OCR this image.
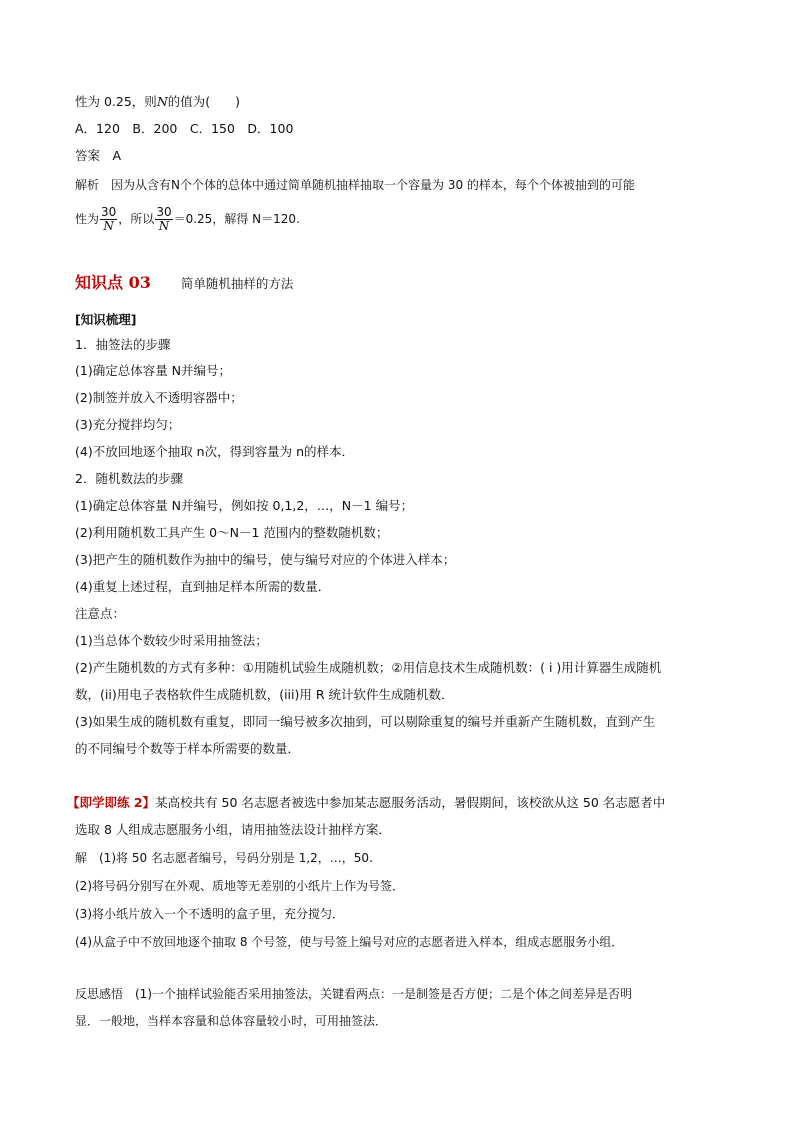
性为 0.25，则N的值为(　　)
A．120　B．200　C．150　D．100
答案　 A
解析　 因为从含有N个个体的总体中通过简单随机抽样抽取一个容量为 30 的样本，每个个体被抽到的可能
性为 $\frac{30}{N}$ ，所以 $\frac{30}{N} =0.25$，解得 N＝120.
知识点 03 简单随机抽样的方法
[知识梳理]
1．抽签法的步骤
(1)确定总体容量 N并编号；
(2)制签并放入不透明容器中；
(3)充分搅拌均匀；
(4)不放回地逐个抽取 n次，得到容量为 n的样本．
2．随机数法的步骤
(1)确定总体容量 N并编号，例如按 0,1,2，…，N－1 编号；
(2)利用随机数工具产生 0～N－1 范围内的整数随机数；
(3)把产生的随机数作为抽中的编号，使与编号对应的个体进入样本；
(4)重复上述过程，直到抽足样本所需的数量．
注意点：
(1)当总体个数较少时采用抽签法；
(2)产生随机数的方式有多种：①用随机试验生成随机数；②用信息技术生成随机数：( i )用计算器生成随机
数，(ii)用电子表格软件生成随机数，(iii)用 R 统计软件生成随机数．
(3)如果生成的随机数有重复，即同一编号被多次抽到，可以剔除重复的编号并重新产生随机数，直到产生
的不同编号个数等于样本所需要的数量．
【即学即练 2】某高校共有 50 名志愿者被选中参加某志愿服务活动，暑假期间，该校欲从这 50 名志愿者中
选取 8 人组成志愿服务小组，请用抽签法设计抽样方案．
解　(1)将 50 名志愿者编号，号码分别是 1,2，…，50.
(2)将号码分别写在外观、质地等无差别的小纸片上作为号签．
(3)将小纸片放入一个不透明的盒子里，充分搅匀．
(4)从盒子中不放回地逐个抽取 8 个号签，使与号签上编号对应的志愿者进入样本，组成志愿服务小组．
反思感悟　(1)一个抽样试验能否采用抽签法，关键看两点：一是制签是否方便；二是个体之间差异是否明
显．一般地，当样本容量和总体容量较小时，可用抽签法．
